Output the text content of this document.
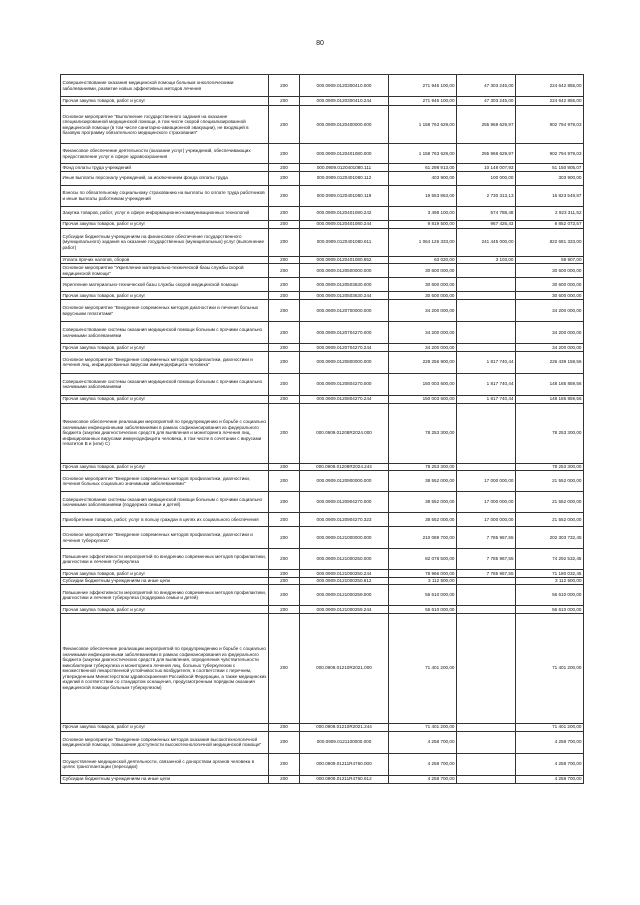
80
Совершенствование оказания медицинской помощи больным онкологическими заболеваниями, развитие новых эффективных методов лечения	200	000.0909.0120300410.000	271 946 100,00	47 303 245,00	224 642 855,00
Прочая закупка товаров, работ и услуг	200	000.0909.0120300410.244	271 946 100,00	47 303 245,00	224 642 855,00
Основное мероприятие "Выполнение государственного задания на оказание специализированной медицинской помощи, в том числе скорой специализированной медицинской помощи (в том числе санитарно-авиационной эвакуации), не входящей в базовую программу обязательного медицинского страхования"	200	000.0909.0120400000.000	1 158 763 629,00	255 968 629,97	902 794 979,03
Финансовое обеспечение деятельности (оказание услуг) учреждений, обеспечивающих предоставление услуг в сфере здравоохранения	200	000.0909.0120401080.000	1 158 763 629,00	255 968 629,97	902 794 979,03
Фонд оплаты труда учреждений	200	000.0909.0120401080.111	61 298 913,00	10 148 007,93	51 150 905,07
Иные выплаты персоналу учреждений, за исключением фонда оплаты труда	200	000.0909.0120401080.112	403 900,00	100 000,00	303 900,00
Взносы по обязательному социальному страхованию на выплаты по оплате труда работников и иные выплаты работникам учреждений	200	000.0909.0120401080.119	19 553 863,00	2 730 313,13	16 823 549,87
Закупка товаров, работ, услуг в сфере информационно-коммуникационных технологий	200	000.0909.0120401080.242	3 498 100,00	574 788,48	2 923 311,52
Прочая закупка товаров, работ и услуг	200	000.0909.0120401080.244	9 819 500,00	967 426,43	8 852 073,57
Субсидии бюджетным учреждениям на финансовое обеспечение государственного (муниципального) задания на оказание государственных (муниципальных) услуг (выполнение работ)	200	000.0909.0120401080.611	1 064 126 333,00	241 445 000,00	822 681 333,00
Уплата прочих налогов, сборов	200	000.0909.0120401080.852	63 020,00	3 103,00	59 907,00
Основное мероприятие "Укрепление материально-технической базы службы скорой медицинской помощи"	200	000.0909.0120500000.000	30 600 000,00		30 600 000,00
Укрепление материально-технической базы службы скорой медицинской помощи	200	000.0909.0120503630.000	30 600 000,00		30 600 000,00
Прочая закупка товаров, работ и услуг	200	000.0909.0120503630.244	30 600 000,00		30 600 000,00
Основное мероприятие "Внедрение современных методов диагностики и лечения больных вирусными гепатитами"	200	000.0909.0120700000.000	34 200 000,00		34 200 000,00
Совершенствование системы оказания медицинской помощи больным с прочими социально значимыми заболеваниями	200	000.0909.0120704270.000	34 200 000,00		34 200 000,00
Прочая закупка товаров, работ и услуг	200	000.0909.0120704270.244	34 200 000,00		34 200 000,00
Основное мероприятие "Внедрение современных методов профилактики, диагностики и лечения лиц, инфицированных вирусом иммунодефицита человека"	200	000.0909.0120800000.000	228 256 900,00	1 817 740,44	226 439 159,56
Совершенствование системы оказания медицинской помощи больным с прочими социально значимыми заболеваниями	200	000.0909.0120804270.000	150 003 600,00	1 817 740,44	148 185 859,56
Прочая закупка товаров, работ и услуг	200	000.0909.0120804270.244	150 003 600,00	1 817 740,44	148 185 859,56
Финансовое обеспечение реализации мероприятий по предупреждению и борьбе с социально значимыми инфекционными заболеваниями в рамках софинансирования из федерального бюджета (закупки диагностических средств для выявления и мониторинга лечения лиц, инфицированных вирусами иммунодефицита человека, в том числе в сочетании с вирусами гепатитов В и (или) С)	200	000.0909.01208R2024.000	78 253 300,00		78 253 300,00
Прочая закупка товаров, работ и услуг	200	000.0909.01208R2024.244	78 253 300,00		78 253 300,00
Основное мероприятие "Внедрение современных методов профилактики, диагностики, лечения больных социально значимыми заболеваниями"	200	000.0909.0120900000.000	38 552 000,00	17 000 000,00	21 552 000,00
Совершенствование системы оказания медицинской помощи больным с прочими социально значимыми заболеваниями (поддержка семьи и детей)	200	000.0909.0120904270.000	38 552 000,00	17 000 000,00	21 552 000,00
Приобретение товаров, работ, услуг в пользу граждан в целях их социального обеспечения	200	000.0909.0120904270.323	38 552 000,00	17 000 000,00	21 552 000,00
Основное мероприятие "Внедрение современных методов профилактики, диагностики и лечения туберкулеза"	200	000.0909.0121000000.000	210 089 700,00	7 785 967,55	202 303 732,45
Повышение эффективности мероприятий по внедрению современных методов профилактики, диагностики и лечения туберкулеза	200	000.0909.0121000250.000	82 078 500,00	7 785 967,55	74 292 532,45
Прочая закупка товаров, работ и услуг	200	000.0909.0121000250.244	78 966 000,00	7 785 967,55	71 180 032,45
Субсидии бюджетным учреждениям на иные цели	200	000.0909.0121000250.612	3 112 500,00		3 112 500,00
Повышение эффективности мероприятий по внедрению современных методов профилактики, диагностики и лечения туберкулеза (поддержка семьи и детей)	200	000.0909.0121000259.000	56 610 000,00		56 610 000,00
Прочая закупка товаров, работ и услуг	200	000.0909.0121000259.244	56 610 000,00		56 610 000,00
Финансовое обеспечение реализации мероприятий по предупреждению и борьбе с социально значимыми инфекционными заболеваниями в рамках софинансирования из федерального бюджета (закупки диагностических средств для выявления, определения чувствительности микобактерии туберкулеза и мониторинга лечения лиц, больных туберкулезом с множественной лекарственной устойчивостью возбудителя, в соответствии с перечнем, утвержденным Министерством здравоохранения Российской Федерации, а также медицинских изделий в соответствии со стандартом оснащения, предусмотренным порядком оказания медицинской помощи больным туберкулезом)	200	000.0909.01210R2021.000	71 401 200,00		71 401 200,00
Прочая закупка товаров, работ и услуг	200	000.0909.01210R2021.244	71 401 200,00		71 401 200,00
Основное мероприятие "Внедрение современных методов оказания высокотехнологичной медицинской помощи, повышение доступности высокотехнологичной медицинской помощи"	200	000.0909.0121100000.000	4 258 700,00		4 258 700,00
Осуществление медицинской деятельности, связанной с донорством органов человека в целях трансплантации (пересадки)	200	000.0909.01211R4760.000	4 258 700,00		4 258 700,00
Субсидии бюджетным учреждениям на иные цели	200	000.0909.01211R4760.612	4 258 700,00		4 258 700,00
